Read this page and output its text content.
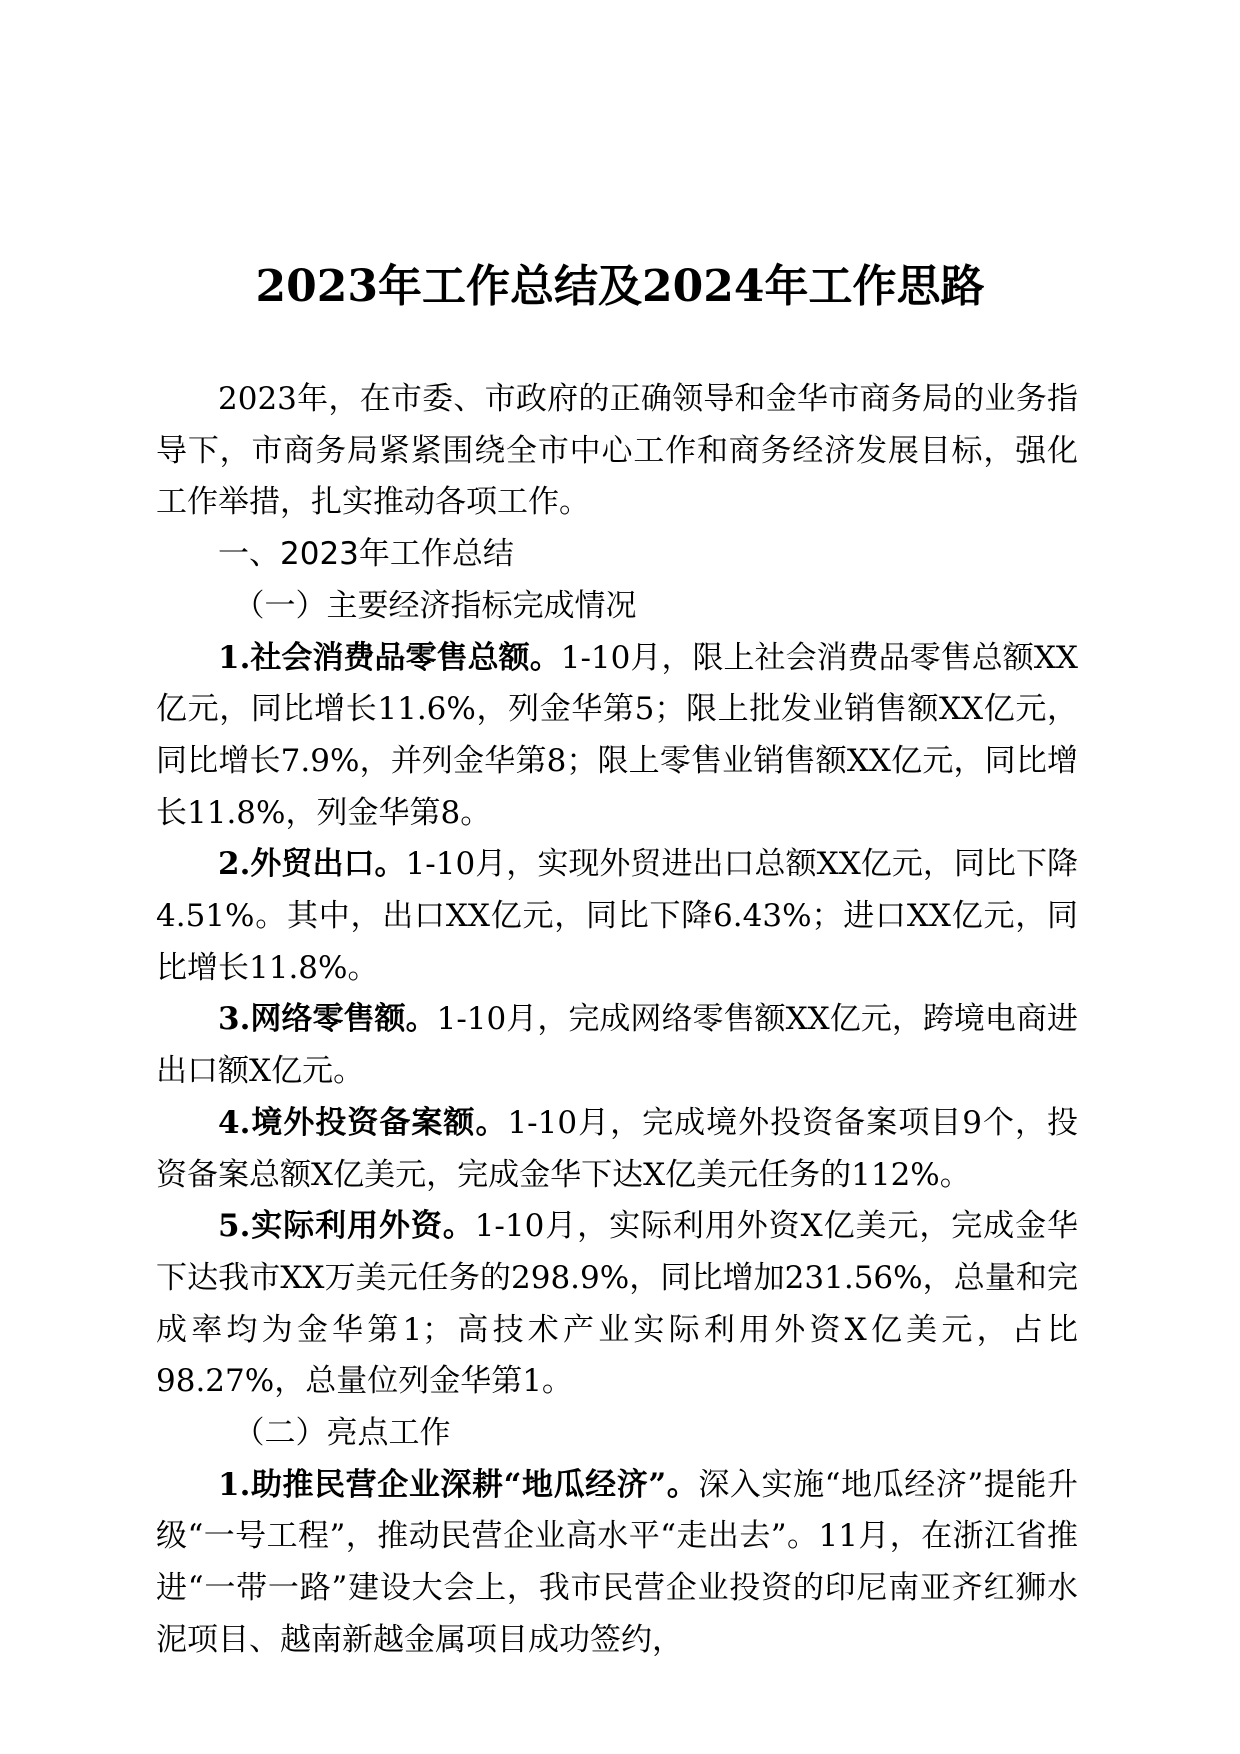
2023年工作总结及2024年工作思路

2023年，在市委、市政府的正确领导和金华市商务局的业务指导下，市商务局紧紧围绕全市中心工作和商务经济发展目标，强化工作举措，扎实推动各项工作。

一、2023年工作总结

（一）主要经济指标完成情况

1.社会消费品零售总额。1-10月，限上社会消费品零售总额XX亿元，同比增长11.6%，列金华第5；限上批发业销售额XX亿元，同比增长7.9%，并列金华第8；限上零售业销售额XX亿元，同比增长11.8%，列金华第8。

2.外贸出口。1-10月，实现外贸进出口总额XX亿元，同比下降4.51%。其中，出口XX亿元，同比下降6.43%；进口XX亿元，同比增长11.8%。

3.网络零售额。1-10月，完成网络零售额XX亿元，跨境电商进出口额X亿元。

4.境外投资备案额。1-10月，完成境外投资备案项目9个，投资备案总额X亿美元，完成金华下达X亿美元任务的112%。

5.实际利用外资。1-10月，实际利用外资X亿美元，完成金华下达我市XX万美元任务的298.9%，同比增加231.56%，总量和完成率均为金华第1；高技术产业实际利用外资X亿美元，占比98.27%，总量位列金华第1。

（二）亮点工作

1.助推民营企业深耕“地瓜经济”。深入实施“地瓜经济”提能升级“一号工程”，推动民营企业高水平“走出去”。11月，在浙江省推进“一带一路”建设大会上，我市民营企业投资的印尼南亚齐红狮水泥项目、越南新越金属项目成功签约，
